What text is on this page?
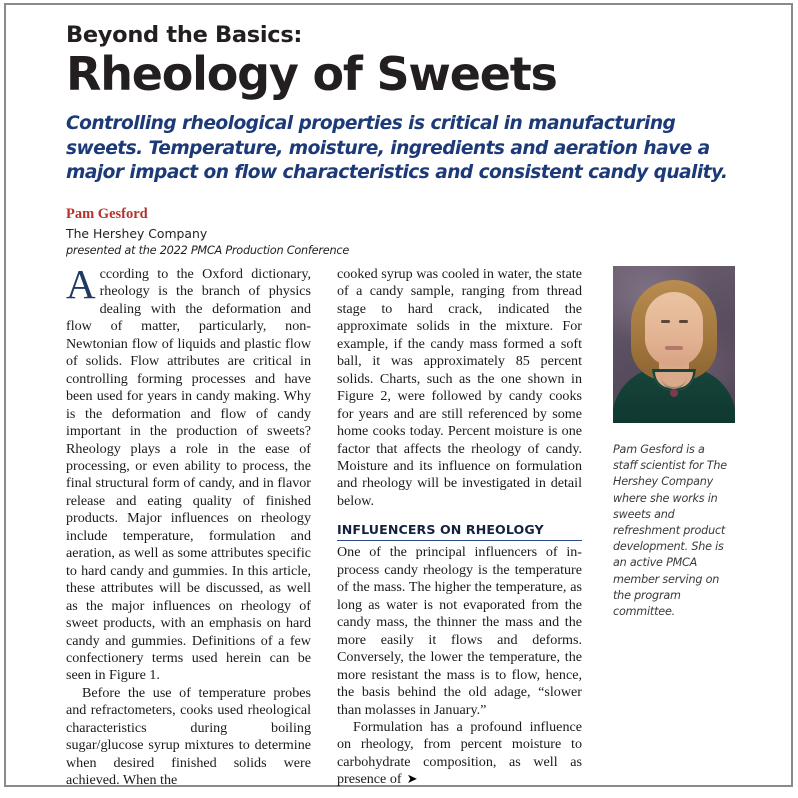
Beyond the Basics:
Rheology of Sweets
Controlling rheological properties is critical in manufacturing sweets. Temperature, moisture, ingredients and aeration have a major impact on flow characteristics and consistent candy quality.
Pam Gesford
The Hershey Company
presented at the 2022 PMCA Production Conference

According to the Oxford dictionary, rheology is the branch of physics dealing with the deformation and flow of matter, particularly, non-Newtonian flow of liquids and plastic flow of solids. Flow attributes are critical in controlling forming processes and have been used for years in candy making. Why is the deformation and flow of candy important in the production of sweets? Rheology plays a role in the ease of processing, or even ability to process, the final structural form of candy, and in flavor release and eating quality of finished products. Major influences on rheology include temperature, formulation and aeration, as well as some attributes specific to hard candy and gummies. In this article, these attributes will be discussed, as well as the major influences on rheology of sweet products, with an emphasis on hard candy and gummies. Definitions of a few confectionery terms used herein can be seen in Figure 1.

Before the use of temperature probes and refractometers, cooks used rheological characteristics during boiling sugar/glucose syrup mixtures to determine when desired finished solids were achieved. When the

cooked syrup was cooled in water, the state of a candy sample, ranging from thread stage to hard crack, indicated the approximate solids in the mixture. For example, if the candy mass formed a soft ball, it was approximately 85 percent solids. Charts, such as the one shown in Figure 2, were followed by candy cooks for years and are still referenced by some home cooks today. Percent moisture is one factor that affects the rheology of candy. Moisture and its influence on formulation and rheology will be investigated in detail below.

INFLUENCERS ON RHEOLOGY

One of the principal influencers of in-process candy rheology is the temperature of the mass. The higher the temperature, as long as water is not evaporated from the candy mass, the thinner the mass and the more easily it flows and deforms. Conversely, the lower the temperature, the more resistant the mass is to flow, hence, the basis behind the old adage, “slower than molasses in January.”

Formulation has a profound influence on rheology, from percent moisture to carbohydrate composition, as well as presence of ➤

Pam Gesford is a staff scientist for The Hershey Company where she works in sweets and refreshment product development. She is an active PMCA member serving on the program committee.
